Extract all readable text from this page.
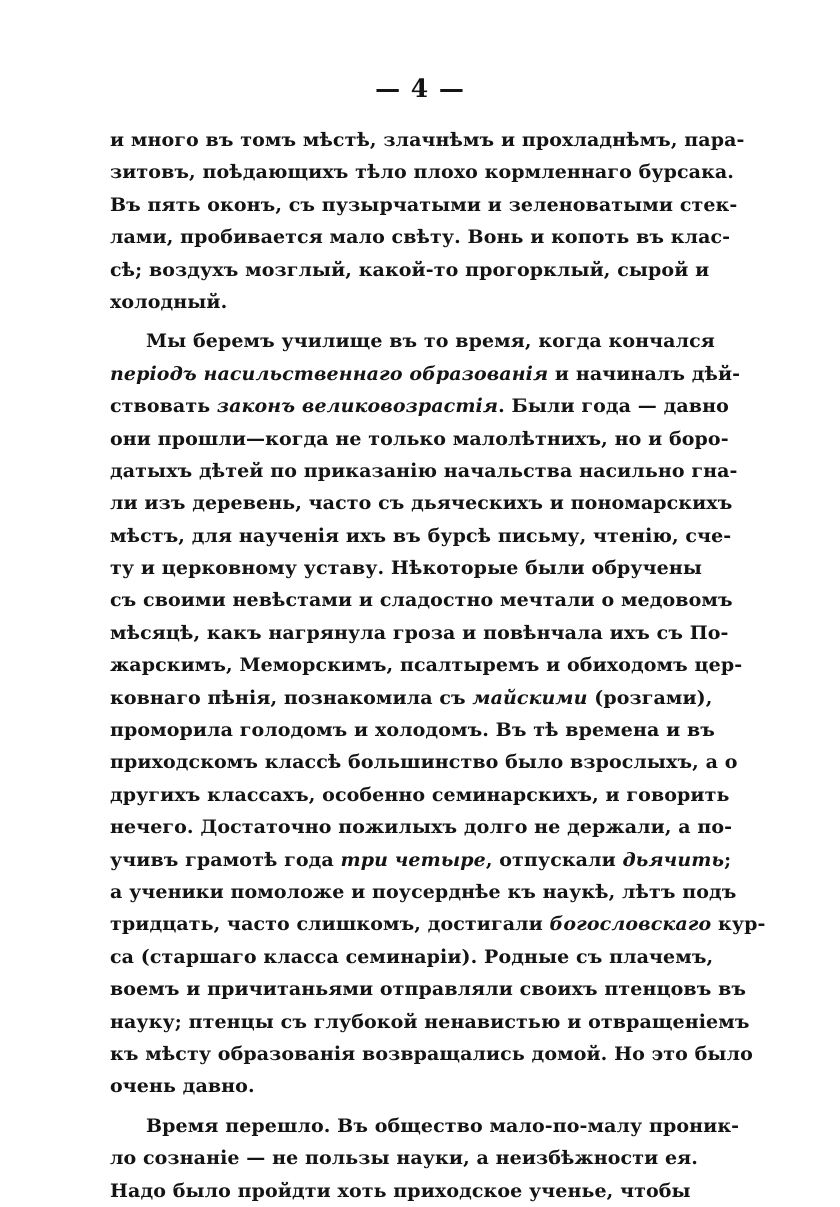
— 4 —
и много въ томъ мѣстѣ, злачнѣмъ и прохладнѣмъ, пара-
зитовъ, поѣдающихъ тѣло плохо кормленнаго бурсака.
Въ пять оконъ, съ пузырчатыми и зеленоватыми стек-
лами, пробивается мало свѣту. Вонь и копоть въ клас-
сѣ; воздухъ мозглый, какой-то прогорклый, сырой и
холодный.
Мы беремъ училище въ то время, когда кончался
періодъ насильственнаго образованія и начиналъ дѣй-
ствовать законъ великовозрастія. Были года — давно
они прошли—когда не только малолѣтнихъ, но и боро-
датыхъ дѣтей по приказанію начальства насильно гна-
ли изъ деревень, часто съ дьяческихъ и пономарскихъ
мѣстъ, для наученія ихъ въ бурсѣ письму, чтенію, сче-
ту и церковному уставу. Нѣкоторые были обручены
съ своими невѣстами и сладостно мечтали о медовомъ
мѣсяцѣ, какъ нагрянула гроза и повѣнчала ихъ съ По-
жарскимъ, Меморскимъ, псалтыремъ и обиходомъ цер-
ковнаго пѣнія, познакомила съ майскими (розгами),
проморила голодомъ и холодомъ. Въ тѣ времена и въ
приходскомъ классѣ большинство было взрослыхъ, а о
другихъ классахъ, особенно семинарскихъ, и говорить
нечего. Достаточно пожилыхъ долго не держали, а по-
учивъ грамотѣ года три четыре, отпускали дьячить;
а ученики помоложе и поусерднѣе къ наукѣ, лѣтъ подъ
тридцать, часто слишкомъ, достигали богословскаго кур-
са (старшаго класса семинаріи). Родные съ плачемъ,
воемъ и причитаньями отправляли своихъ птенцовъ въ
науку; птенцы съ глубокой ненавистью и отвращеніемъ
къ мѣсту образованія возвращались домой. Но это было
очень давно.
Время перешло. Въ общество мало-по-малу проник-
ло сознаніе — не пользы науки, а неизбѣжности ея.
Надо было пройдти хоть приходское ученье, чтобы
